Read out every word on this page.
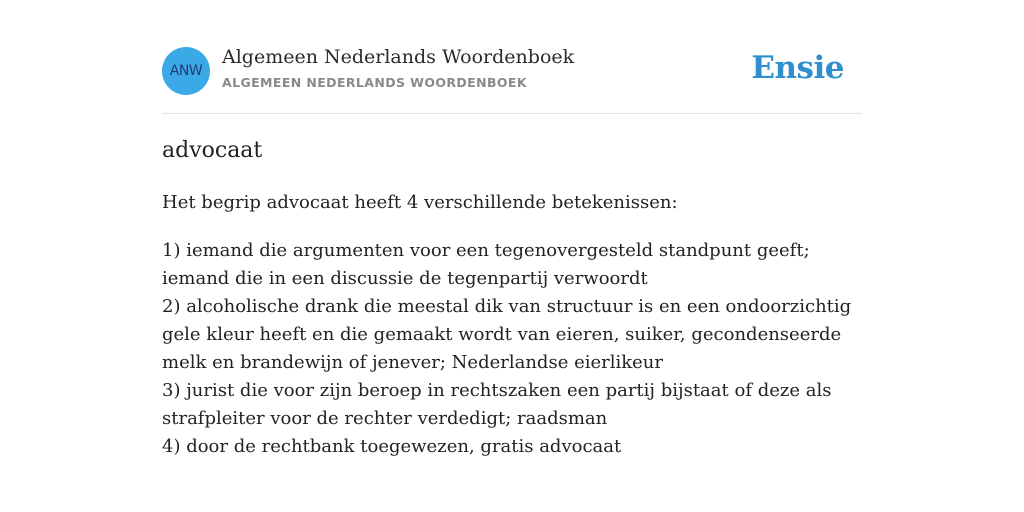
ANW
Algemeen Nederlands Woordenboek
ALGEMEEN NEDERLANDS WOORDENBOEK	Ensie
advocaat

Het begrip advocaat heeft 4 verschillende betekenissen:

1) iemand die argumenten voor een tegenovergesteld standpunt geeft; iemand die in een discussie de tegenpartij verwoordt
2) alcoholische drank die meestal dik van structuur is en een ondoorzichtig gele kleur heeft en die gemaakt wordt van eieren, suiker, gecondenseerde melk en brandewijn of jenever; Nederlandse eierlikeur
3) jurist die voor zijn beroep in rechtszaken een partij bijstaat of deze als strafpleiter voor de rechter verdedigt; raadsman
4) door de rechtbank toegewezen, gratis advocaat
